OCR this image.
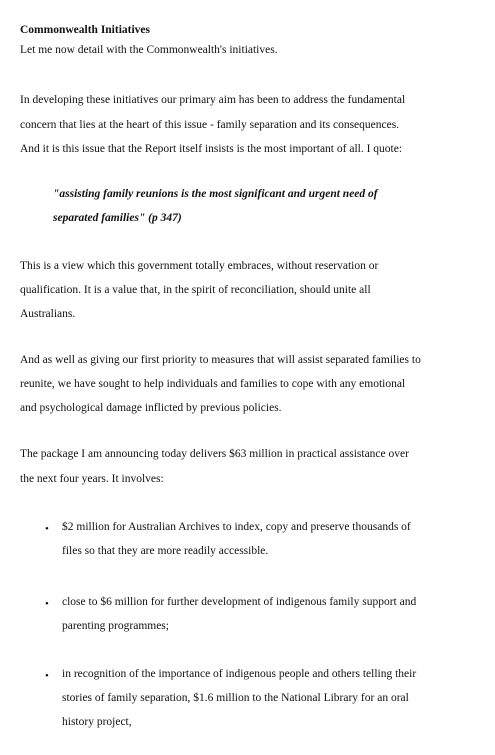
Commonwealth Initiatives
Let me now detail with the Commonwealth's initiatives.
In developing these initiatives our primary aim has been to address the fundamental
concern that lies at the heart of this issue - family separation and its consequences.
And it is this issue that the Report itself insists is the most important of all. I quote:
"assisting family reunions is the most significant and urgent need of
separated families" (p 347)
This is a view which this government totally embraces, without reservation or
qualification. It is a value that, in the spirit of reconciliation, should unite all
Australians.
And as well as giving our first priority to measures that will assist separated families to
reunite, we have sought to help individuals and families to cope with any emotional
and psychological damage inflicted by previous policies.
The package I am announcing today delivers $63 million in practical assistance over
the next four years. It involves:
• $2 million for Australian Archives to index, copy and preserve thousands of
files so that they are more readily accessible.
• close to $6 million for further development of indigenous family support and
parenting programmes;
• in recognition of the importance of indigenous people and others telling their
stories of family separation, $1.6 million to the National Library for an oral
history project,
